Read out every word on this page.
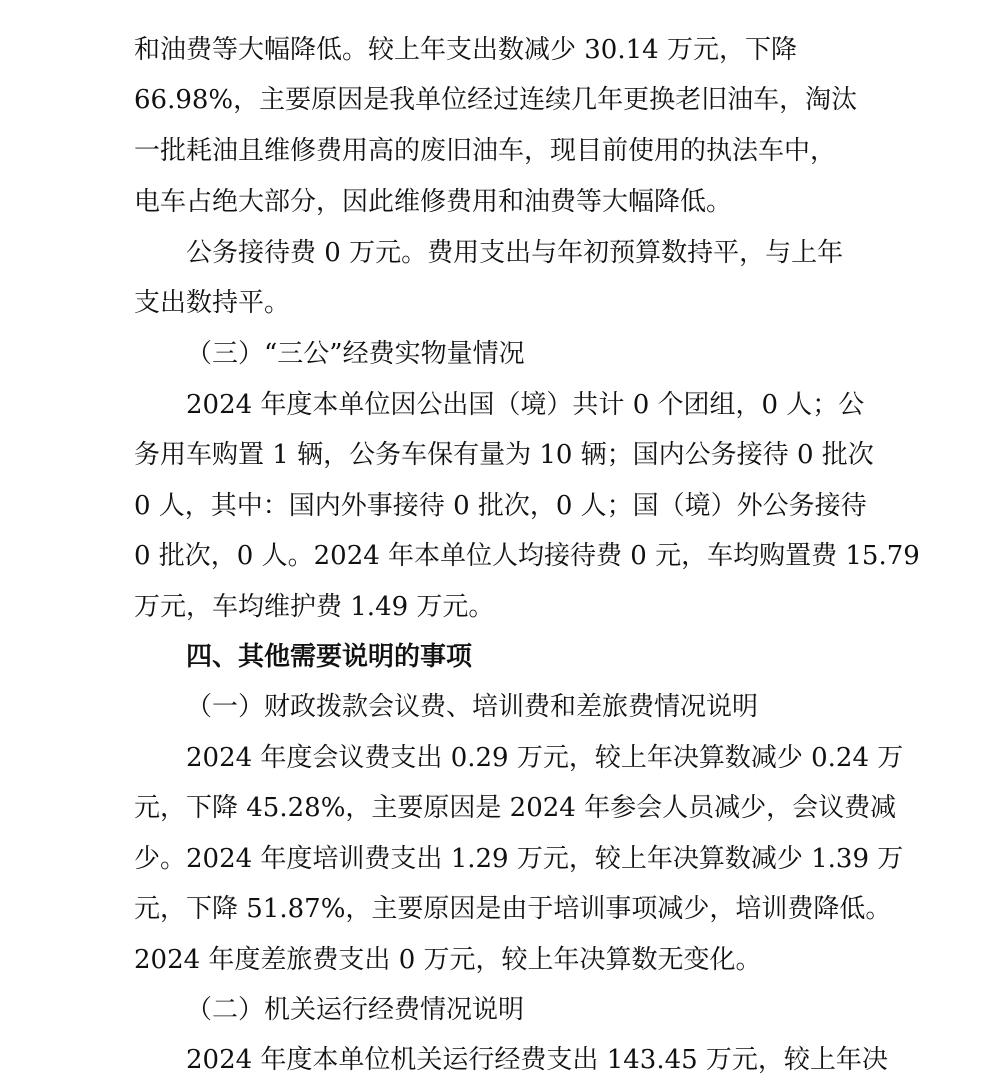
和油费等大幅降低。较上年支出数减少 30.14 万元，下降

66.98%，主要原因是我单位经过连续几年更换老旧油车，淘汰

一批耗油且维修费用高的废旧油车，现目前使用的执法车中，

电车占绝大部分，因此维修费用和油费等大幅降低。

公务接待费 0 万元。费用支出与年初预算数持平，与上年

支出数持平。

（三）“三公”经费实物量情况

2024 年度本单位因公出国（境）共计 0 个团组，0 人；公

务用车购置 1 辆，公务车保有量为 10 辆；国内公务接待 0 批次

0 人，其中：国内外事接待 0 批次，0 人；国（境）外公务接待

0 批次，0 人。2024 年本单位人均接待费 0 元，车均购置费 15.79

万元，车均维护费 1.49 万元。

四、其他需要说明的事项

（一）财政拨款会议费、培训费和差旅费情况说明

2024 年度会议费支出 0.29 万元，较上年决算数减少 0.24 万

元，下降 45.28%，主要原因是 2024 年参会人员减少，会议费减

少。2024 年度培训费支出 1.29 万元，较上年决算数减少 1.39 万

元，下降 51.87%，主要原因是由于培训事项减少，培训费降低。

2024 年度差旅费支出 0 万元，较上年决算数无变化。

（二）机关运行经费情况说明

2024 年度本单位机关运行经费支出 143.45 万元，较上年决
